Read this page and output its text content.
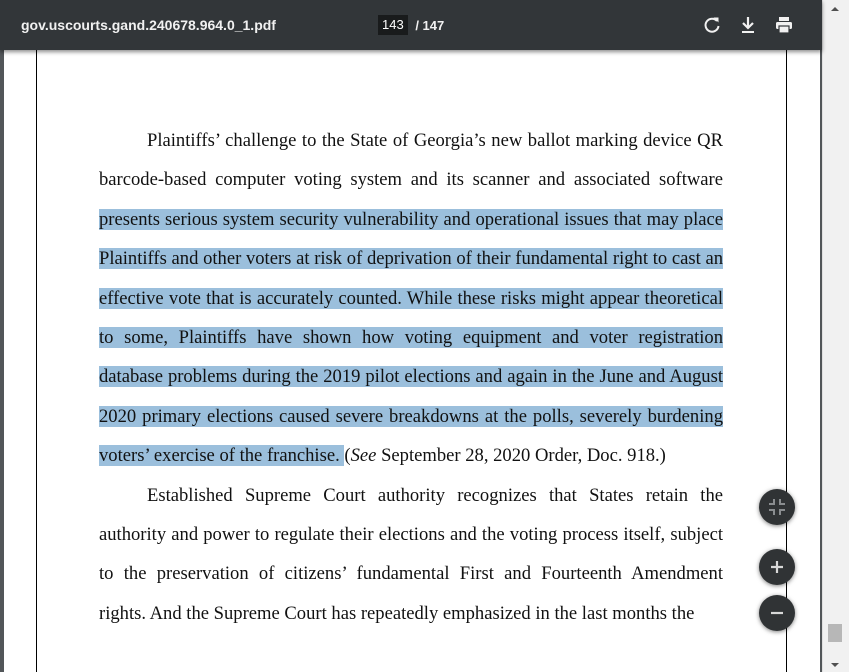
gov.uscourts.gand.240678.964.0_1.pdf	143 / 147

Plaintiffs’ challenge to the State of Georgia’s new ballot marking device QR barcode-based computer voting system and its scanner and associated software presents serious system security vulnerability and operational issues that may place Plaintiffs and other voters at risk of deprivation of their fundamental right to cast an effective vote that is accurately counted. While these risks might appear theoretical to some, Plaintiffs have shown how voting equipment and voter registration database problems during the 2019 pilot elections and again in the June and August 2020 primary elections caused severe breakdowns at the polls, severely burdening voters’ exercise of the franchise. (See September 28, 2020 Order, Doc. 918.)

Established Supreme Court authority recognizes that States retain the authority and power to regulate their elections and the voting process itself, subject to the preservation of citizens’ fundamental First and Fourteenth Amendment rights. And the Supreme Court has repeatedly emphasized in the last months the
